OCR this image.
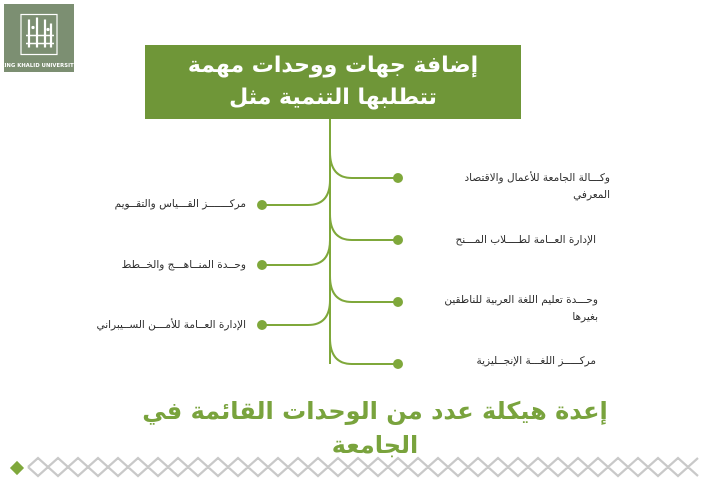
KING KHALID UNIVERSITY	إضافة جهات ووحدات مهمة
تتطلبها التنمية مثل
وكـــالة الجامعة للأعمال والاقتصاد
المعرفي
الإدارة العــامة لطــــلاب المـــنح
وحـــدة تعليم اللغة العربية للناطقين
بغيرها
مركـــــز اللغـــة الإنجــليزية
مركـــــــز القـــياس والتقــويم
وحــدة المنــاهـــج والخــطط
الإدارة العــامة للأمـــن الســيبراني
إعدة هيكلة عدد من الوحدات القائمة في الجامعة
